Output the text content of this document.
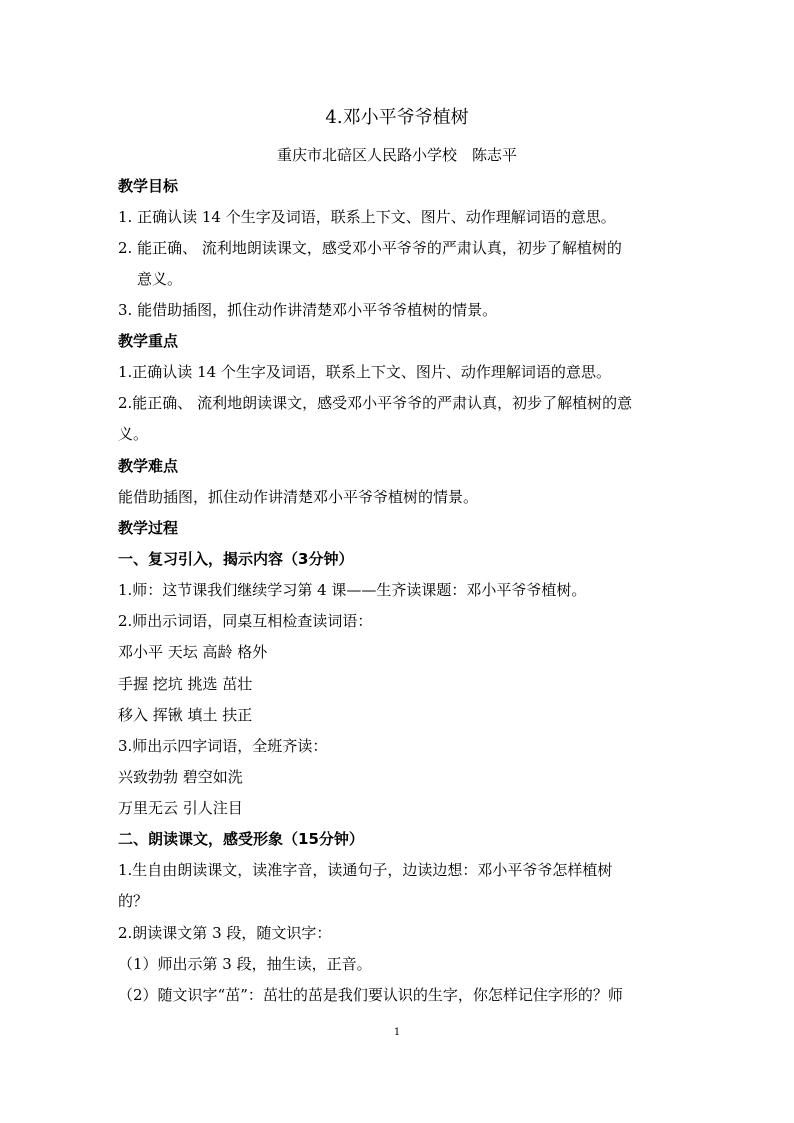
4.邓小平爷爷植树
重庆市北碚区人民路小学校　陈志平
教学目标
1. 正确认读 14 个生字及词语，联系上下文、图片、动作理解词语的意思。
2. 能正确、 流利地朗读课文，感受邓小平爷爷的严肃认真，初步了解植树的
意义。
3. 能借助插图，抓住动作讲清楚邓小平爷爷植树的情景。
教学重点
1.正确认读 14 个生字及词语，联系上下文、图片、动作理解词语的意思。
2.能正确、 流利地朗读课文，感受邓小平爷爷的严肃认真，初步了解植树的意
义。
教学难点
能借助插图，抓住动作讲清楚邓小平爷爷植树的情景。
教学过程
一、复习引入，揭示内容（3分钟）
1.师：这节课我们继续学习第 4 课——生齐读课题：邓小平爷爷植树。
2.师出示词语，同桌互相检查读词语：
邓小平 天坛 高龄 格外
手握 挖坑 挑选 茁壮
移入 挥锹 填土 扶正
3.师出示四字词语，全班齐读：
兴致勃勃 碧空如洗
万里无云 引人注目
二、朗读课文，感受形象（15分钟）
1.生自由朗读课文，读准字音，读通句子，边读边想：邓小平爷爷怎样植树
的？
2.朗读课文第 3 段，随文识字：
（1）师出示第 3 段，抽生读，正音。
（2）随文识字“茁”：茁壮的茁是我们要认识的生字，你怎样记住字形的？师
1
